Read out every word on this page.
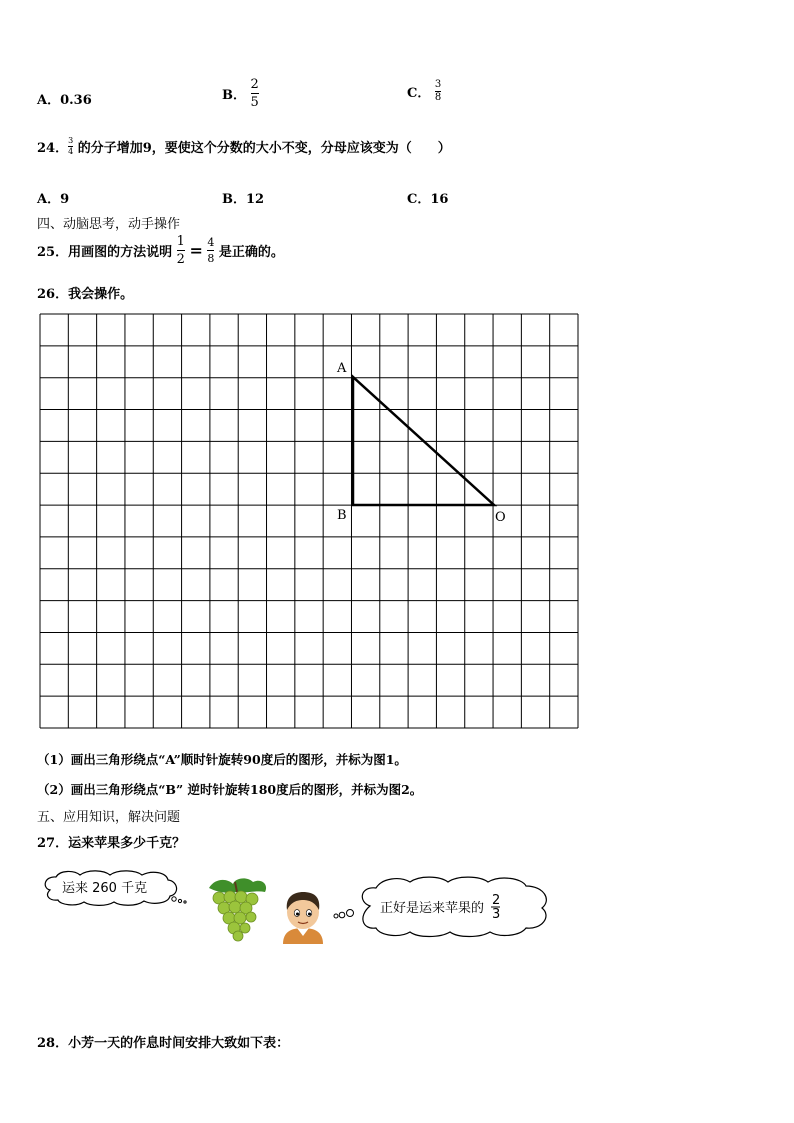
A．0.36	B． $\frac{2}{5}$	C． $\frac{3}{8}$
24． $\frac{3}{4}$ 的分子增加9，要使这个分数的大小不变，分母应该变为（　　）
A．9	B．12	C．16
四、动脑思考，动手操作
25．用画图的方法说明 $\frac{1}{2} = \frac{4}{8}$ 是正确的。
26．我会操作。
A
B	O
（1）画出三角形绕点“A”顺时针旋转90度后的图形，并标为图1。
（2）画出三角形绕点“B” 逆时针旋转180度后的图形，并标为图2。
五、应用知识，解决问题
27．运来苹果多少千克？
运来 260 千克
正好是运来苹果的
2
3
28．小芳一天的作息时间安排大致如下表：
